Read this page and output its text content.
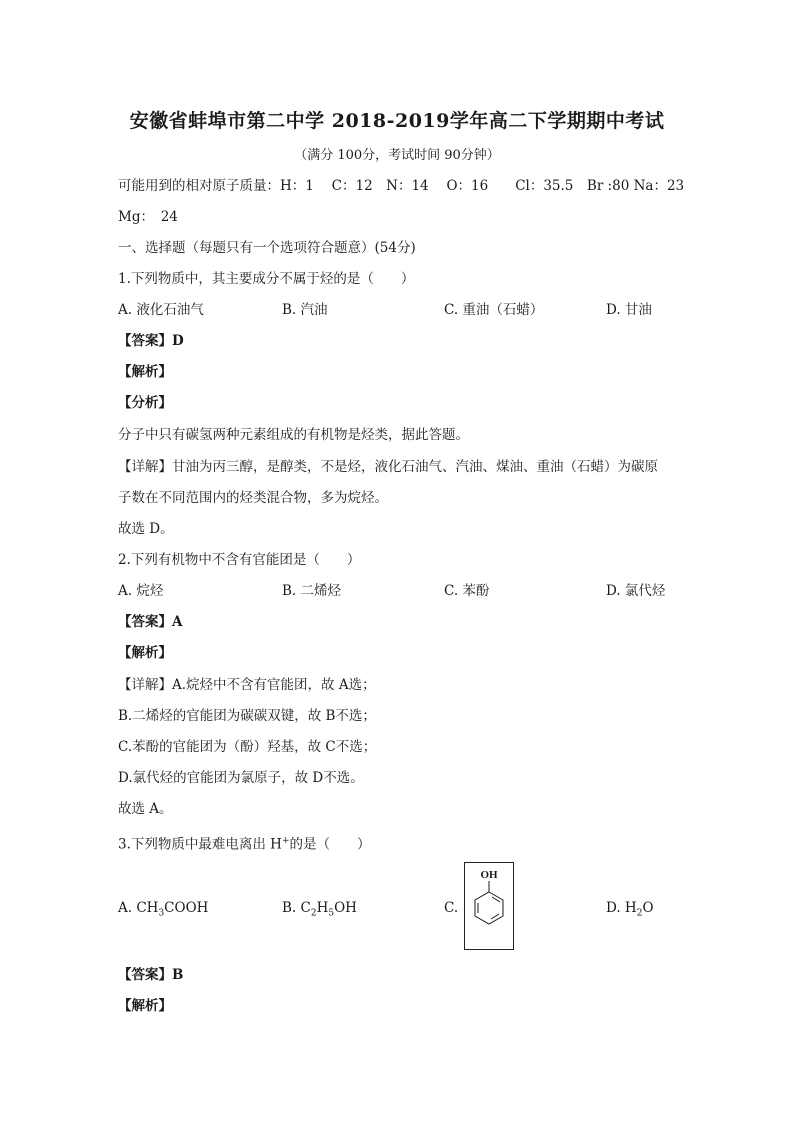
安徽省蚌埠市第二中学 2018-2019学年高二下学期期中考试
（满分 100分，考试时间 90分钟）
可能用到的相对原子质量：H：1　 C：12　N：14　 O：16　　Cl：35.5　Br :80 Na：23
Mg：　24
一、选择题（每题只有一个选项符合题意）(54分)
1.下列物质中，其主要成分不属于烃的是（　　）
A. 液化石油气	B. 汽油	C. 重油（石蜡）	D. 甘油
【答案】D
【解析】
【分析】
分子中只有碳氢两种元素组成的有机物是烃类，据此答题。
【详解】甘油为丙三醇，是醇类，不是烃，液化石油气、汽油、煤油、重油（石蜡）为碳原
子数在不同范围内的烃类混合物，多为烷烃。
故选 D。
2.下列有机物中不含有官能团是（　　）
A. 烷烃	B. 二烯烃	C. 苯酚	D. 氯代烃
【答案】A
【解析】
【详解】A.烷烃中不含有官能团，故 A选；
B.二烯烃的官能团为碳碳双键，故 B不选；
C.苯酚的官能团为（酚）羟基，故 C不选；
D.氯代烃的官能团为氯原子，故 D不选。
故选 A。
3.下列物质中最难电离出 H+的是（　　）
A. $CH_3COOH$	B. $C_2H_5OH$	C.
OH
D. $H_2O$
【答案】B
【解析】
